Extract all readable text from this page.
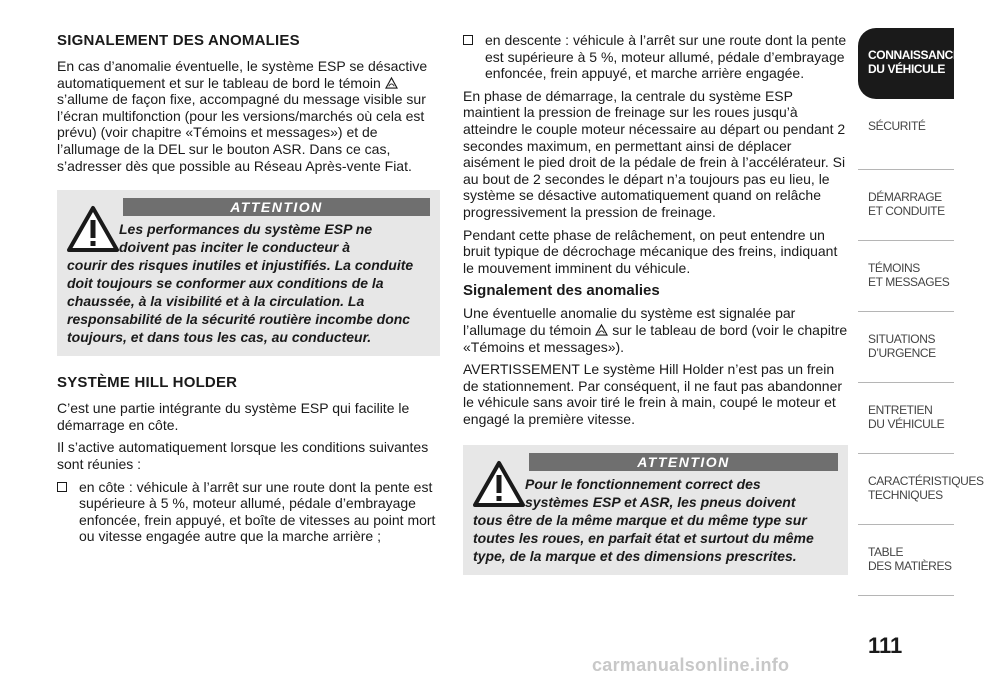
SIGNALEMENT DES ANOMALIES

En cas d’anomalie éventuelle, le système ESP se désactive automatiquement et sur le tableau de bord le témoin  s’allume de façon fixe, accompagné du message visible sur l’écran multifonction (pour les versions/marchés où cela est prévu) (voir chapitre «Témoins et messages») et de l’allumage de la DEL sur le bouton ASR. Dans ce cas, s’adresser dès que possible au Réseau Après-vente Fiat.

ATTENTION
Les performances du système ESP ne
doivent pas inciter le conducteur à
courir des risques inutiles et injustifiés. La conduite doit toujours se conformer aux conditions de la chaussée, à la visibilité et à la circulation. La responsabilité de la sécurité routière incombe donc toujours, et dans tous les cas, au conducteur.
SYSTÈME HILL HOLDER

C’est une partie intégrante du système ESP qui facilite le démarrage en côte.

Il s’active automatiquement lorsque les conditions suivantes sont réunies :

en côte : véhicule à l’arrêt sur une route dont la pente est supérieure à 5 %, moteur allumé, pédale d’embrayage enfoncée, frein appuyé, et boîte de vitesses au point mort ou vitesse engagée autre que la marche arrière ;
en descente : véhicule à l’arrêt sur une route dont la pente est supérieure à 5 %, moteur allumé, pédale d’embrayage enfoncée, frein appuyé, et marche arrière engagée.

En phase de démarrage, la centrale du système ESP maintient la pression de freinage sur les roues jusqu’à atteindre le couple moteur nécessaire au départ ou pendant 2 secondes maximum, en permettant ainsi de déplacer aisément le pied droit de la pédale de frein à l’accélérateur. Si au bout de 2 secondes le départ n’a toujours pas eu lieu, le système se désactive automatiquement quand on relâche progressivement la pression de freinage.

Pendant cette phase de relâchement, on peut entendre un bruit typique de décrochage mécanique des freins, indiquant le mouvement imminent du véhicule.

Signalement des anomalies

Une éventuelle anomalie du système est signalée par l’allumage du témoin sur le tableau de bord (voir le chapitre «Témoins et messages»).

AVERTISSEMENT Le système Hill Holder n’est pas un frein de stationnement. Par conséquent, il ne faut pas abandonner le véhicule sans avoir tiré le frein à main, coupé le moteur et engagé la première vitesse.

ATTENTION
Pour le fonctionnement correct des
systèmes ESP et ASR, les pneus doivent
tous être de la même marque et du même type sur toutes les roues, en parfait état et surtout du même type, de la marque et des dimensions prescrites.
CONNAISSANCE
DU VÉHICULE
SÉCURITÉ
DÉMARRAGE
ET CONDUITE
TÉMOINS
ET MESSAGES
SITUATIONS
D’URGENCE
ENTRETIEN
DU VÉHICULE
CARACTÉRISTIQUES
TECHNIQUES
TABLE
DES MATIÈRES
111
carmanualsonline.info
